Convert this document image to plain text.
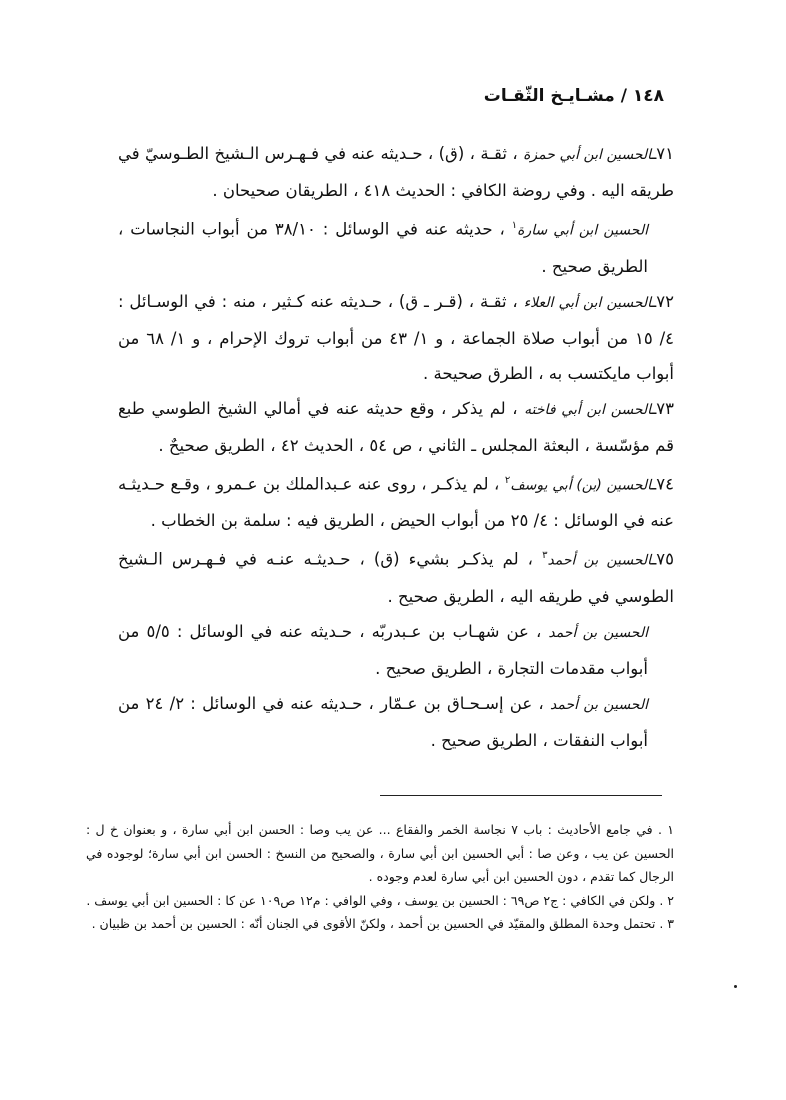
١٤٨ / مشـايـخ الثّقـات
٧١ـالحسين ابن أبي حمزة ، ثقـة ، (ق) ، حـديثه عنه في فـهـرس الـشيخ الطـوسيّ في طريقه اليه . وفي روضة الكافي : الحديث ٤١٨ ، الطريقان صحيحان .
الحسين ابن أبي سارة$^١$ ، حديثه عنه في الوسائل : ٣٨/١٠ من أبواب النجاسات ، الطريق صحيح .
٧٢ـالحسين ابن أبي العلاء ، ثقـة ، (قـر ـ ق) ، حـديثه عنه كـثير ، منه : في الوسـائل : ٤/ ١٥ من أبواب صلاة الجماعة ، و ١/ ٤٣ من أبواب تروك الإحرام ، و ١/ ٦٨ من أبواب مايكتسب به ، الطرق صحيحة .
٧٣ـالحسن ابن أبي فاخته ، لم يذكر ، وقع حديثه عنه في أمالي الشيخ الطوسي طبع قم مؤسّسة ، البعثة المجلس ـ الثاني ، ص ٥٤ ، الحديث ٤٢ ، الطريق صحيحٌ .
٧٤ـالحسين (بن) أبي يوسف$^٢$ ، لم يذكـر ، روى عنه عـبدالملك بن عـمرو ، وقـع حـديثـه عنه في الوسائل : ٤/ ٢٥ من أبواب الحيض ، الطريق فيه : سلمة بن الخطاب .
٧٥ـالحسين بن أحمد$^٣$ ، لم يذكـر بشيء (ق) ، حـديثـه عنـه في فـهـرس الـشيخ الطوسي في طريقه اليه ، الطريق صحيح .
الحسين بن أحمد ، عن شهـاب بن عـبدربّه ، حـديثه عنه في الوسائل : ٥/٥ من أبواب مقدمات التجارة ، الطريق صحيح .
الحسين بن أحمد ، عن إسـحـاق بن عـمّار ، حـديثه عنه في الوسائل : ٢/ ٢٤ من أبواب النفقات ، الطريق صحيح .
١ . في جامع الأحاديث : باب ٧ نجاسة الخمر والفقاع ... عن يب وصا : الحسن ابن أبي سارة ، و بعنوان خ ل : الحسين عن يب ، وعن صا : أبي الحسين ابن أبي سارة ، والصحيح من النسخ : الحسن ابن أبي سارة؛ لوجوده في الرجال كما تقدم ، دون الحسين ابن أبي سارة لعدم وجوده .
٢ . ولكن في الكافي : ج٢ ص٦٩ : الحسين بن يوسف ، وفي الوافي : م١٢ ص١٠٩ عن كا : الحسين ابن أبي يوسف .
٣ . تحتمل وحدة المطلق والمقيّد في الحسين بن أحمد ، ولكنّ الأقوى في الجنان أنّه : الحسين بن أحمد بن ظبيان .
